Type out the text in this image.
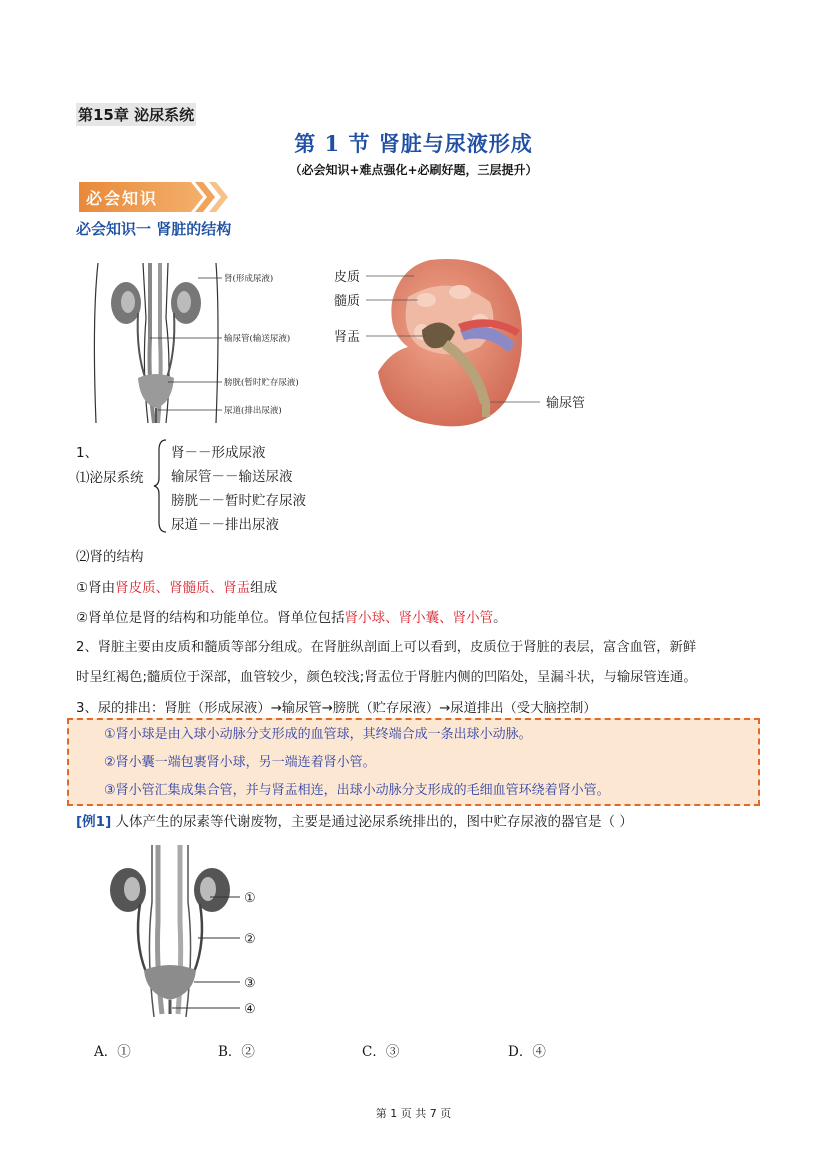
第15章 泌尿系统
第 1 节 肾脏与尿液形成
（必会知识+难点强化+必刷好题，三层提升）
必会知识
必会知识一 肾脏的结构
肾(形成尿液)
输尿管(输送尿液)
膀胱(暂时贮存尿液)
尿道(排出尿液)
皮质
髓质
肾盂
输尿管
1、
⑴泌尿系统
肾－－形成尿液
输尿管－－输送尿液
膀胱－－暂时贮存尿液
尿道－－排出尿液
⑵肾的结构
①肾由肾皮质、肾髓质、肾盂组成
②肾单位是肾的结构和功能单位。肾单位包括肾小球、肾小囊、肾小管。
2、肾脏主要由皮质和髓质等部分组成。在肾脏纵剖面上可以看到，皮质位于肾脏的表层，富含血管，新鲜
时呈红褐色;髓质位于深部，血管较少，颜色较浅;肾盂位于肾脏内侧的凹陷处，呈漏斗状，与输尿管连通。
3、尿的排出：肾脏（形成尿液）→输尿管→膀胱（贮存尿液）→尿道排出（受大脑控制）
①肾小球是由入球小动脉分支形成的血管球，其终端合成一条出球小动脉。
②肾小囊一端包裹肾小球，另一端连着肾小管。
③肾小管汇集成集合管，并与肾盂相连，出球小动脉分支形成的毛细血管环绕着肾小管。
[例1] 人体产生的尿素等代谢废物，主要是通过泌尿系统排出的，图中贮存尿液的器官是（ ）
①
②
③
④
A．①	B．②	C．③	D．④
第 1 页 共 7 页
